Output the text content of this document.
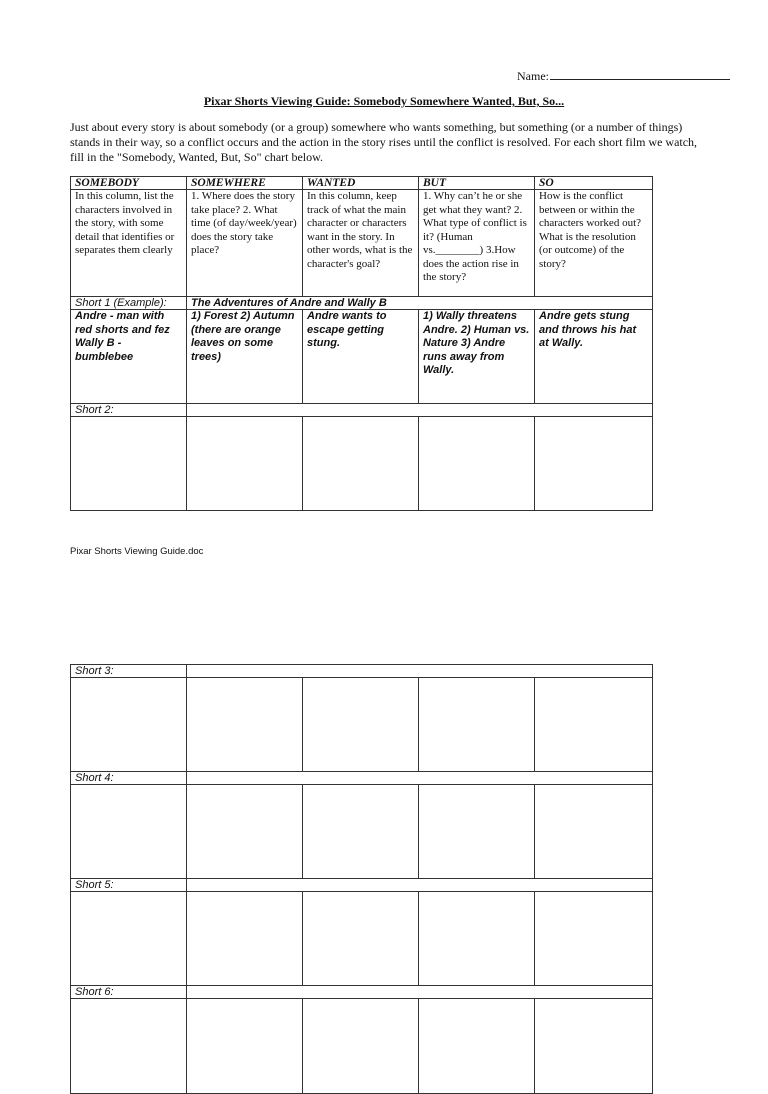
Name:
Pixar Shorts Viewing Guide: Somebody Somewhere Wanted, But, So...
Just about every story is about somebody (or a group) somewhere who wants something, but something (or a number of things) stands in their way, so a conflict occurs and the action in the story rises until the conflict is resolved. For each short film we watch, fill in the "Somebody, Wanted, But, So" chart below.
SOMEBODY	SOMEWHERE	WANTED	BUT	SO
In this column, list the characters involved in the story, with some detail that identifies or separates them clearly	1. Where does the story take place? 2. What time (of day/week/year) does the story take place?	In this column, keep track of what the main character or characters want in the story. In other words, what is the character's goal?	1. Why can’t he or she get what they want? 2. What type of conflict is it? (Human vs.________) 3.How does the action rise in the story?	How is the conflict between or within the characters worked out? What is the resolution (or outcome) of the story?
Short 1 (Example):	The Adventures of Andre and Wally B			
Andre - man with red shorts and fez Wally B - bumblebee	1) Forest 2) Autumn (there are orange leaves on some trees)	Andre wants to escape getting stung.	1) Wally threatens Andre. 2) Human vs. Nature 3) Andre runs away from Wally.	Andre gets stung and throws his hat at Wally.
Short 2:				

Pixar Shorts Viewing Guide.doc
Short 3:				

Short 4:				

Short 5:				

Short 6:				
